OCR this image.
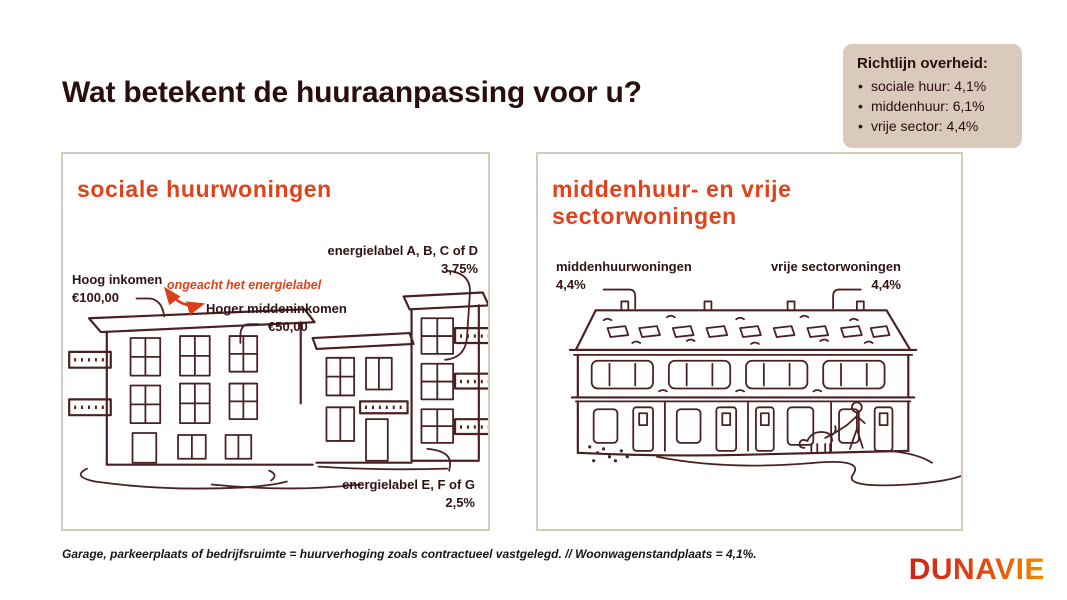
Wat betekent de huuraanpassing voor u?
Richtlijn overheid:
• sociale huur: 4,1%
• middenhuur: 6,1%
• vrije sector: 4,4%
sociale huurwoningen
energielabel A, B, C of D
3,75%
Hoog inkomen
€100,00
ongeacht het energielabel
Hoger middeninkomen
€50,00
energielabel E, F of G
2,5%
middenhuur- en vrije sectorwoningen
middenhuurwoningen
4,4%
vrije sectorwoningen
4,4%
Garage, parkeerplaats of bedrijfsruimte = huurverhoging zoals contractueel vastgelegd. // Woonwagenstandplaats = 4,1%.	DUNAVIE
